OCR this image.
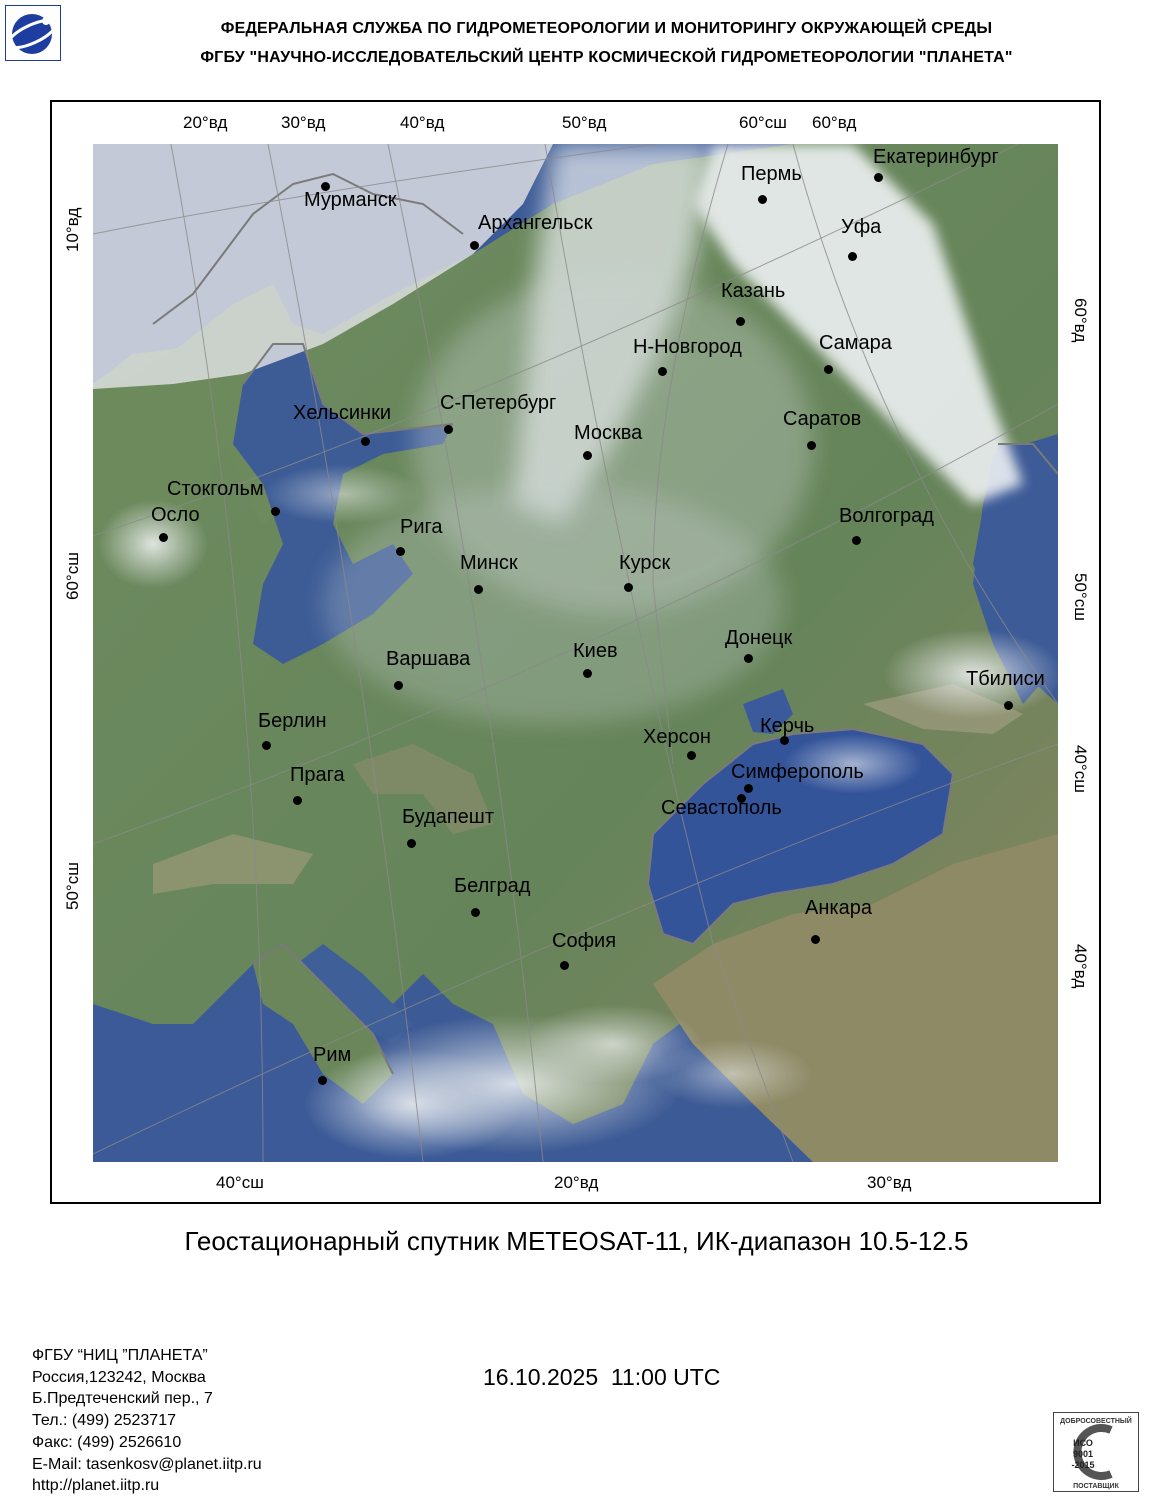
ФЕДЕРАЛЬНАЯ СЛУЖБА ПО ГИДРОМЕТЕОРОЛОГИИ И МОНИТОРИНГУ ОКРУЖАЮЩЕЙ СРЕДЫ
ФГБУ "НАУЧНО-ИССЛЕДОВАТЕЛЬСКИЙ ЦЕНТР КОСМИЧЕСКОЙ ГИДРОМЕТЕОРОЛОГИИ "ПЛАНЕТА"
20°вд	30°вд	40°вд	50°вд	60°сш 60°вд
40°сш	20°вд	30°вд
10°вд
60°сш
50°сш
60°вд
50°сш
40°сш
40°вд
Мурманск
Архангельск
Пермь
Екатеринбург
Уфа
Казань
Н-Новгород	Самара
С-Петербург
Хельсинки
Москва
Саратов
Стокгольм
Осло
Рига	Волгоград
Минск	Курск
Донецк
Варшава	Киев
Тбилиси
Берлин	Керчь
Херсон
Симферополь
Прага
Севастополь
Будапешт
Белград
Анкара
София
Рим
Геостационарный спутник METEOSAT-11, ИК-диапазон 10.5-12.5
16.10.2025  11:00 UTC
ФГБУ “НИЦ ”ПЛАНЕТА”
Россия,123242, Москва
Б.Предтеченский пер., 7
Тел.: (499) 2523717
Факс: (499) 2526610
E-Mail: tasenkosv@planet.iitp.ru
http://planet.iitp.ru
ДОБРОСОВЕСТНЫЙ
ИСО
9001
-2015
ПОСТАВЩИК
